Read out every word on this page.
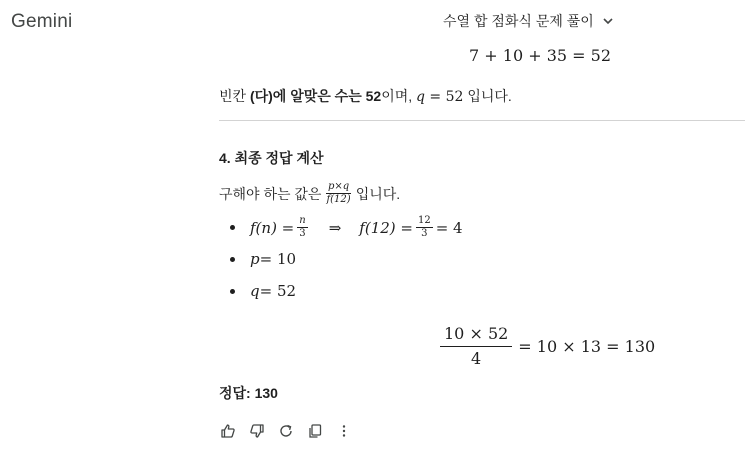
Gemini	수열 합 점화식 문제 풀이
7 + 10 + 35 = 52
빈칸 (다)에 알맞은 수는 52이며, q = 52 입니다.
4. 최종 정답 계산
구해야 하는 값은 $\frac{p\times q}{f(12)}$ 입니다.
$f(n) = \frac{n}{3}$ ⇒ $f(12) = \frac{12}{3} = 4$
p = 10
q = 52
$\frac{10 \times 52}{4} = 10 \times 13 = 130$
정답: 130
